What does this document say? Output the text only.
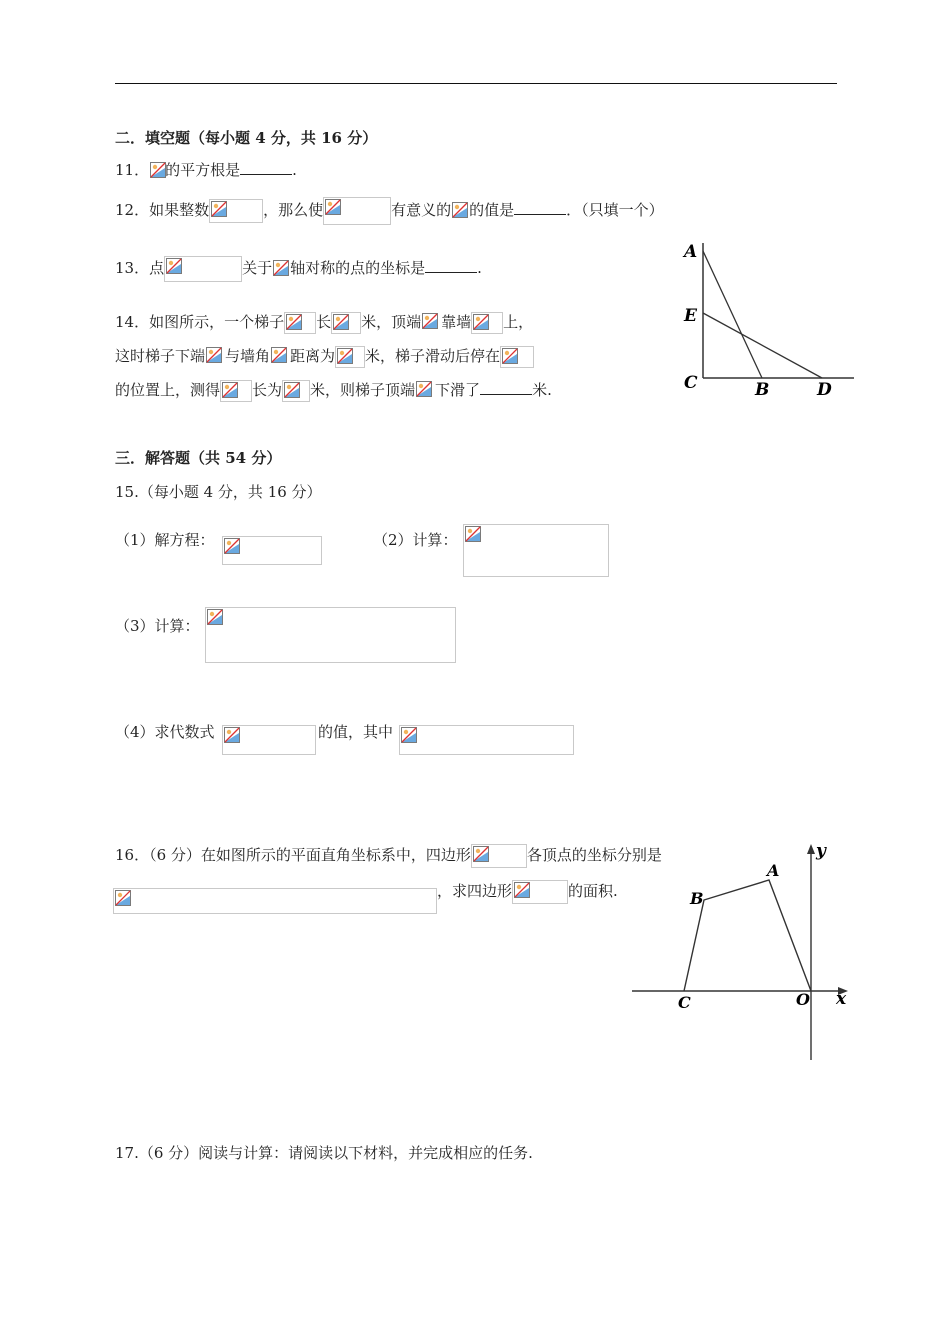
二．填空题（每小题 4 分，共 16 分）
11． 的平方根是	.
12．如果整数	，那么使	有意义的 的值是	．（只填一个）
13．点	关于 轴对称的点的坐标是	.
14．如图所示，一个梯子 长 米，顶端 靠墙 上，
这时梯子下端 与墙角 距离为 米，梯子滑动后停在
的位置上，测得 长为 米，则梯子顶端 下滑了	米.
A
E
C	B	D
三．解答题（共 54 分）
15.（每小题 4 分，共 16 分）
（1）解方程：	（2）计算：
（3）计算：
（4）求代数式	的值，其中
16．（6 分）在如图所示的平面直角坐标系中，四边形	各顶点的坐标分别是
，求四边形	的面积.
y
A
B
C	O x
17.（6 分）阅读与计算：请阅读以下材料，并完成相应的任务.
